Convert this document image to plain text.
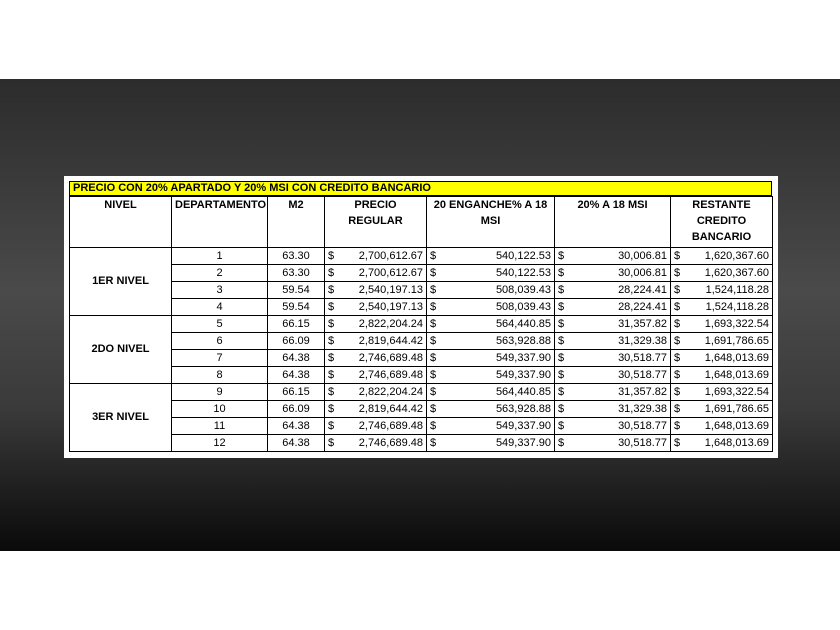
PRECIO CON 20% APARTADO Y 20% MSI CON CREDITO BANCARIO
NIVEL	DEPARTAMENTO	M2	PRECIO REGULAR	20 ENGANCHE% A 18 MSI	20% A 18 MSI	RESTANTE CREDITO BANCARIO
1ER NIVEL	1	63.30	$ 2,700,612.67	$ 540,122.53	$ 30,006.81	$ 1,620,367.60

	2	63.30	$ 2,700,612.67	$ 540,122.53	$ 30,006.81	$ 1,620,367.60

	3	59.54	$ 2,540,197.13	$ 508,039.43	$ 28,224.41	$ 1,524,118.28

	4	59.54	$ 2,540,197.13	$ 508,039.43	$ 28,224.41	$ 1,524,118.28

2DO NIVEL	5	66.15	$ 2,822,204.24	$ 564,440.85	$ 31,357.82	$ 1,693,322.54

	6	66.09	$ 2,819,644.42	$ 563,928.88	$ 31,329.38	$ 1,691,786.65

	7	64.38	$ 2,746,689.48	$ 549,337.90	$ 30,518.77	$ 1,648,013.69

	8	64.38	$ 2,746,689.48	$ 549,337.90	$ 30,518.77	$ 1,648,013.69

3ER NIVEL	9	66.15	$ 2,822,204.24	$ 564,440.85	$ 31,357.82	$ 1,693,322.54

	10	66.09	$ 2,819,644.42	$ 563,928.88	$ 31,329.38	$ 1,691,786.65

	11	64.38	$ 2,746,689.48	$ 549,337.90	$ 30,518.77	$ 1,648,013.69

	12	64.38	$ 2,746,689.48	$ 549,337.90	$ 30,518.77	$ 1,648,013.69
